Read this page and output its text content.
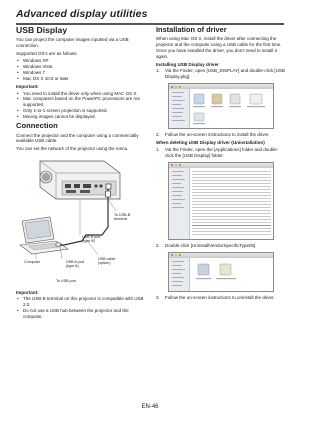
Advanced display utilities
USB Display

You can project the computer images inputted via a USB connection.

Supported OS's are as follows:

• Windows XP
• Windows Vista
• Windows 7
• Mac OS X 10.5 or later
Important:
• You need to install the driver only when using MAC OS X.
• Mac computers based on the PowerPC processors are not supported.
• Only 1-to-1 screen projection is supported.
• Moving images cannot be displayed.
Connection

Connect the projector and the computer using a commercially available USB cable.

You can set the network of the projector using the menu.

USB B port (type B)
To USB-B terminal
Computer	USB A port (type A)
USB cable (option)
To USB port
Important:
• The USB-B terminal on this projector is compatible with USB 2.0.
• Do not use a USB hub between the projector and the computer.
Installation of driver

When using Mac OS X, install the driver after connecting the projector and the computer using a USB cable for the first time. Once you have installed the driver, you don't need to install it again.

Installing USB Display driver
1. Via the Finder, open [USB_DISPLAY] and double-click [USB Display.pkg].
2. Follow the on-screen instructions to install the driver.
When deleting USB Display driver (Uninstallation)
1. Via the Finder, open the [Applications] folder and double-click the [USB Display] folder.
2. Double-click [UninstallVendorSpecificType05].
3. Follow the on-screen instructions to uninstall the driver.
EN-46
